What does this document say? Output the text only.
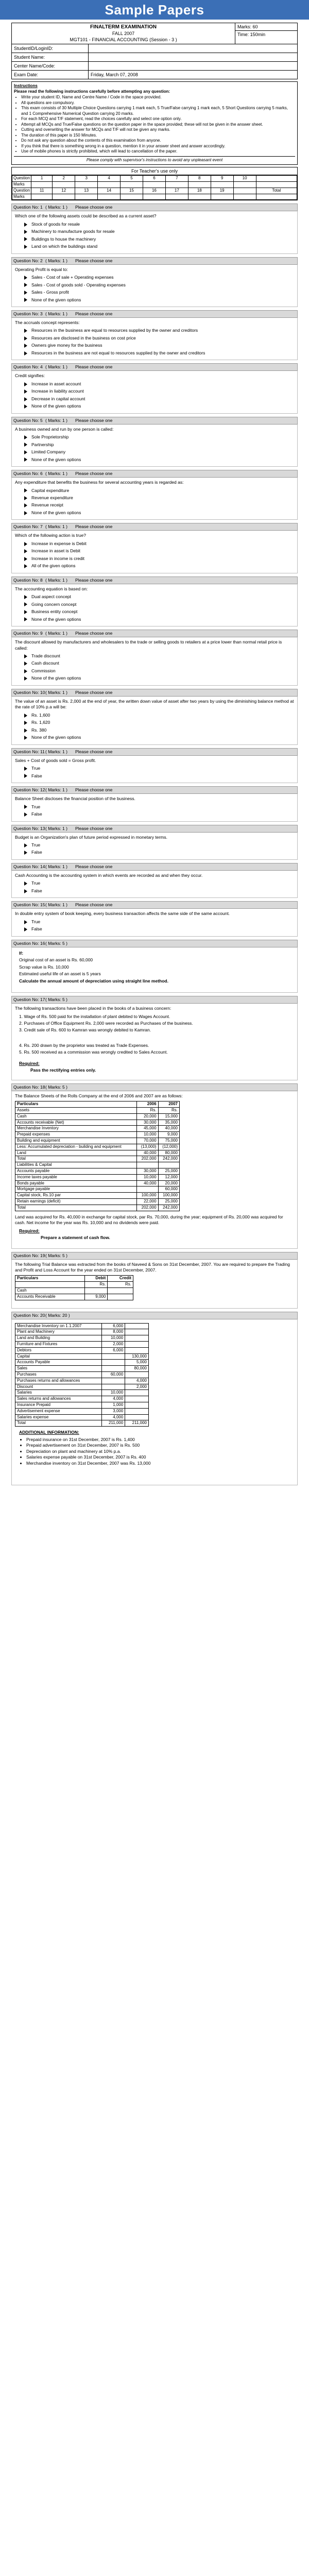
Sample Papers
FINALTERM EXAMINATION
FALL 2007
MGT101 - FINANCIAL ACCOUNTING (Session - 3 )
Marks: 60
Time: 150min
StudentID/LoginID:
Student Name:
Center Name/Code:
Exam Date:	Friday, March 07, 2008
Instructions
Please read the following instructions carefully before attempting any question:
• Write your student ID, Name and Centre Name / Code in the space provided.
• All questions are compulsory.
• This exam consists of 30 Multiple Choice Questions carrying 1 mark each, 5 True/False carrying 1 mark each, 5 Short Questions carrying 5 marks, and 1 Comprehensive Numerical Question carrying 20 marks.
• For each MCQ and T/F statement, read the choices carefully and select one option only.
• Attempt all MCQs and True/False questions on the question paper in the space provided; these will not be given in the answer sheet.
• Cutting and overwriting the answer for MCQs and T/F will not be given any marks.
• The duration of this paper is 150 Minutes.
• Do not ask any question about the contents of this examination from anyone.
• If you think that there is something wrong in a question, mention it in your answer sheet and answer accordingly.
• Use of mobile phones is strictly prohibited, which will lead to cancellation of the paper.
Please comply with supervisor's instructions to avoid any unpleasant event
For Teacher's use only
Question	1	2	3	4	5	6	7	8	9	10	
Marks											
Question	11	12	13	14	15	16	17	18	19		Total
Marks											
Question No: 1 ( Marks: 1 )	Please choose one
Which one of the following assets could be described as a current asset?
Stock of goods for resale
Machinery to manufacture goods for resale
Buildings to house the machinery
Land on which the buildings stand
Question No: 2 ( Marks: 1 )	Please choose one
Operating Profit is equal to:
Sales - Cost of sale + Operating expenses
Sales - Cost of goods sold - Operating expenses
Sales - Gross profit
None of the given options
Question No: 3 ( Marks: 1 )	Please choose one
The accruals concept represents:
Resources in the business are equal to resources supplied by the owner and creditors
Resources are disclosed in the business on cost price
Owners give money for the business
Resources in the business are not equal to resources supplied by the owner and creditors
Question No: 4 ( Marks: 1 )	Please choose one
Credit signifies:
Increase in asset account
Increase in liability account
Decrease in capital account
None of the given options
Question No: 5 ( Marks: 1 )	Please choose one
A business owned and run by one person is called:
Sole Proprietorship
Partnership
Limited Company
None of the given options
Question No: 6 ( Marks: 1 )	Please choose one
Any expenditure that benefits the business for several accounting years is regarded as:
Capital expenditure
Revenue expenditure
Revenue receipt
None of the given options
Question No: 7 ( Marks: 1 )	Please choose one
Which of the following action is true?
Increase in expense is Debit
Increase in asset is Debit
Increase in income is credit
All of the given options
Question No: 8 ( Marks: 1 )	Please choose one
The accounting equation is based on:
Dual aspect concept
Going concern concept
Business entity concept
None of the given options
Question No: 9 ( Marks: 1 )	Please choose one
The discount allowed by manufacturers and wholesalers to the trade or selling goods to retailers at a price lower than normal retail price is called:
Trade discount
Cash discount
Commission
None of the given options
Question No: 10 ( Marks: 1 )	Please choose one
The value of an asset is Rs. 2,000 at the end of year, the written down value of asset after two years by using the diminishing balance method at the rate of 10% p.a will be:
Rs. 1,600
Rs. 1,620
Rs. 380
None of the given options
Question No: 11 ( Marks: 1 )	Please choose one
Sales + Cost of goods sold = Gross profit.
True
False
Question No: 12 ( Marks: 1 )	Please choose one
Balance Sheet discloses the financial position of the business.
True
False
Question No: 13 ( Marks: 1 )	Please choose one
Budget is an Organization's plan of future period expressed in monetary terms.
True
False
Question No: 14 ( Marks: 1 )	Please choose one
Cash Accounting is the accounting system in which events are recorded as and when they occur.
True
False
Question No: 15 ( Marks: 1 )	Please choose one
In double entry system of book keeping, every business transaction affects the same side of the same account.
True
False
Question No: 16 ( Marks: 5 )
If:
Original cost of an asset is Rs. 60,000
Scrap value is Rs. 10,000
Estimated useful life of an asset is 5 years
Calculate the annual amount of depreciation using straight line method.
Question No: 17 ( Marks: 5 )
The following transactions have been placed in the books of a business concern:
1. Wage of Rs. 500 paid for the installation of plant debited to Wages Account.
2. Purchases of Office Equipment Rs. 2,000 were recorded as Purchases of the business.
3. Credit sale of Rs. 600 to Kamran was wrongly debited to Kamran.
4. Rs. 200 drawn by the proprietor was treated as Trade Expenses.
5. Rs. 500 received as a commission was wrongly credited to Sales Account.
Required:
Pass the rectifying entries only.
Question No: 18 ( Marks: 5 )
The Balance Sheets of the Rolls Company at the end of 2006 and 2007 are as follows:
Particulars	2006	2007
Assets	Rs.	Rs.
Cash	20,000	15,000
Accounts receivable (Net)	30,000	35,000
Merchandise Inventory	45,000	40,000
Prepaid expenses	10,000	9,000
Building and equipment	70,000	75,000
Less: Accumulated depreciation - building and equipment	(13,000)	(12,000)
Land	40,000	80,000
Total	202,000	242,000
Liabilities & Capital		
Accounts payable	30,000	25,000
Income taxes payable	10,000	12,000
Bonds payable	40,000	20,000
Mortgage payable		60,000
Capital stock, Rs.10 par	100,000	100,000
Retain earnings (deficit)	22,000	25,000
Total	202,000	242,000
Land was acquired for Rs. 40,000 in exchange for capital stock, par Rs. 70,000, during the year; equipment of Rs. 20,000 was acquired for cash. Net income for the year was Rs. 10,000 and no dividends were paid.
Required:
Prepare a statement of cash flow.
Question No: 19 ( Marks: 5 )
The following Trial Balance was extracted from the books of Naveed & Sons on 31st December, 2007. You are required to prepare the Trading and Profit and Loss Account for the year ended on 31st December, 2007.
Particulars	Debit	Credit
	Rs.	Rs.
Cash		
Accounts Receivable	9,000	
Question No: 20 ( Marks: 20 )
Merchandise Inventory on 1.1.2007	6,000	
Plant and Machinery	8,000	
Land and Building	10,000	
Furniture and Fixtures	2,000	
Debtors	6,000	
Capital		130,000
Accounts Payable		5,000
Sales		80,000
Purchases	60,000	
Purchases returns and allowances		4,000
Discount		2,000
Salaries	10,000	
Sales returns and allowances	4,000	
Insurance Prepaid	1,000	
Advertisement expense	3,000	
Salaries expense	4,000	
Total	211,000	211,000
ADDITIONAL INFORMATION:
• Prepaid insurance on 31st December, 2007 is Rs. 1,400
• Prepaid advertisement on 31st December, 2007 is Rs. 500
• Depreciation on plant and machinery at 10% p.a.
• Salaries expense payable on 31st December, 2007 is Rs. 400
• Merchandise inventory on 31st December, 2007 was Rs. 13,000
